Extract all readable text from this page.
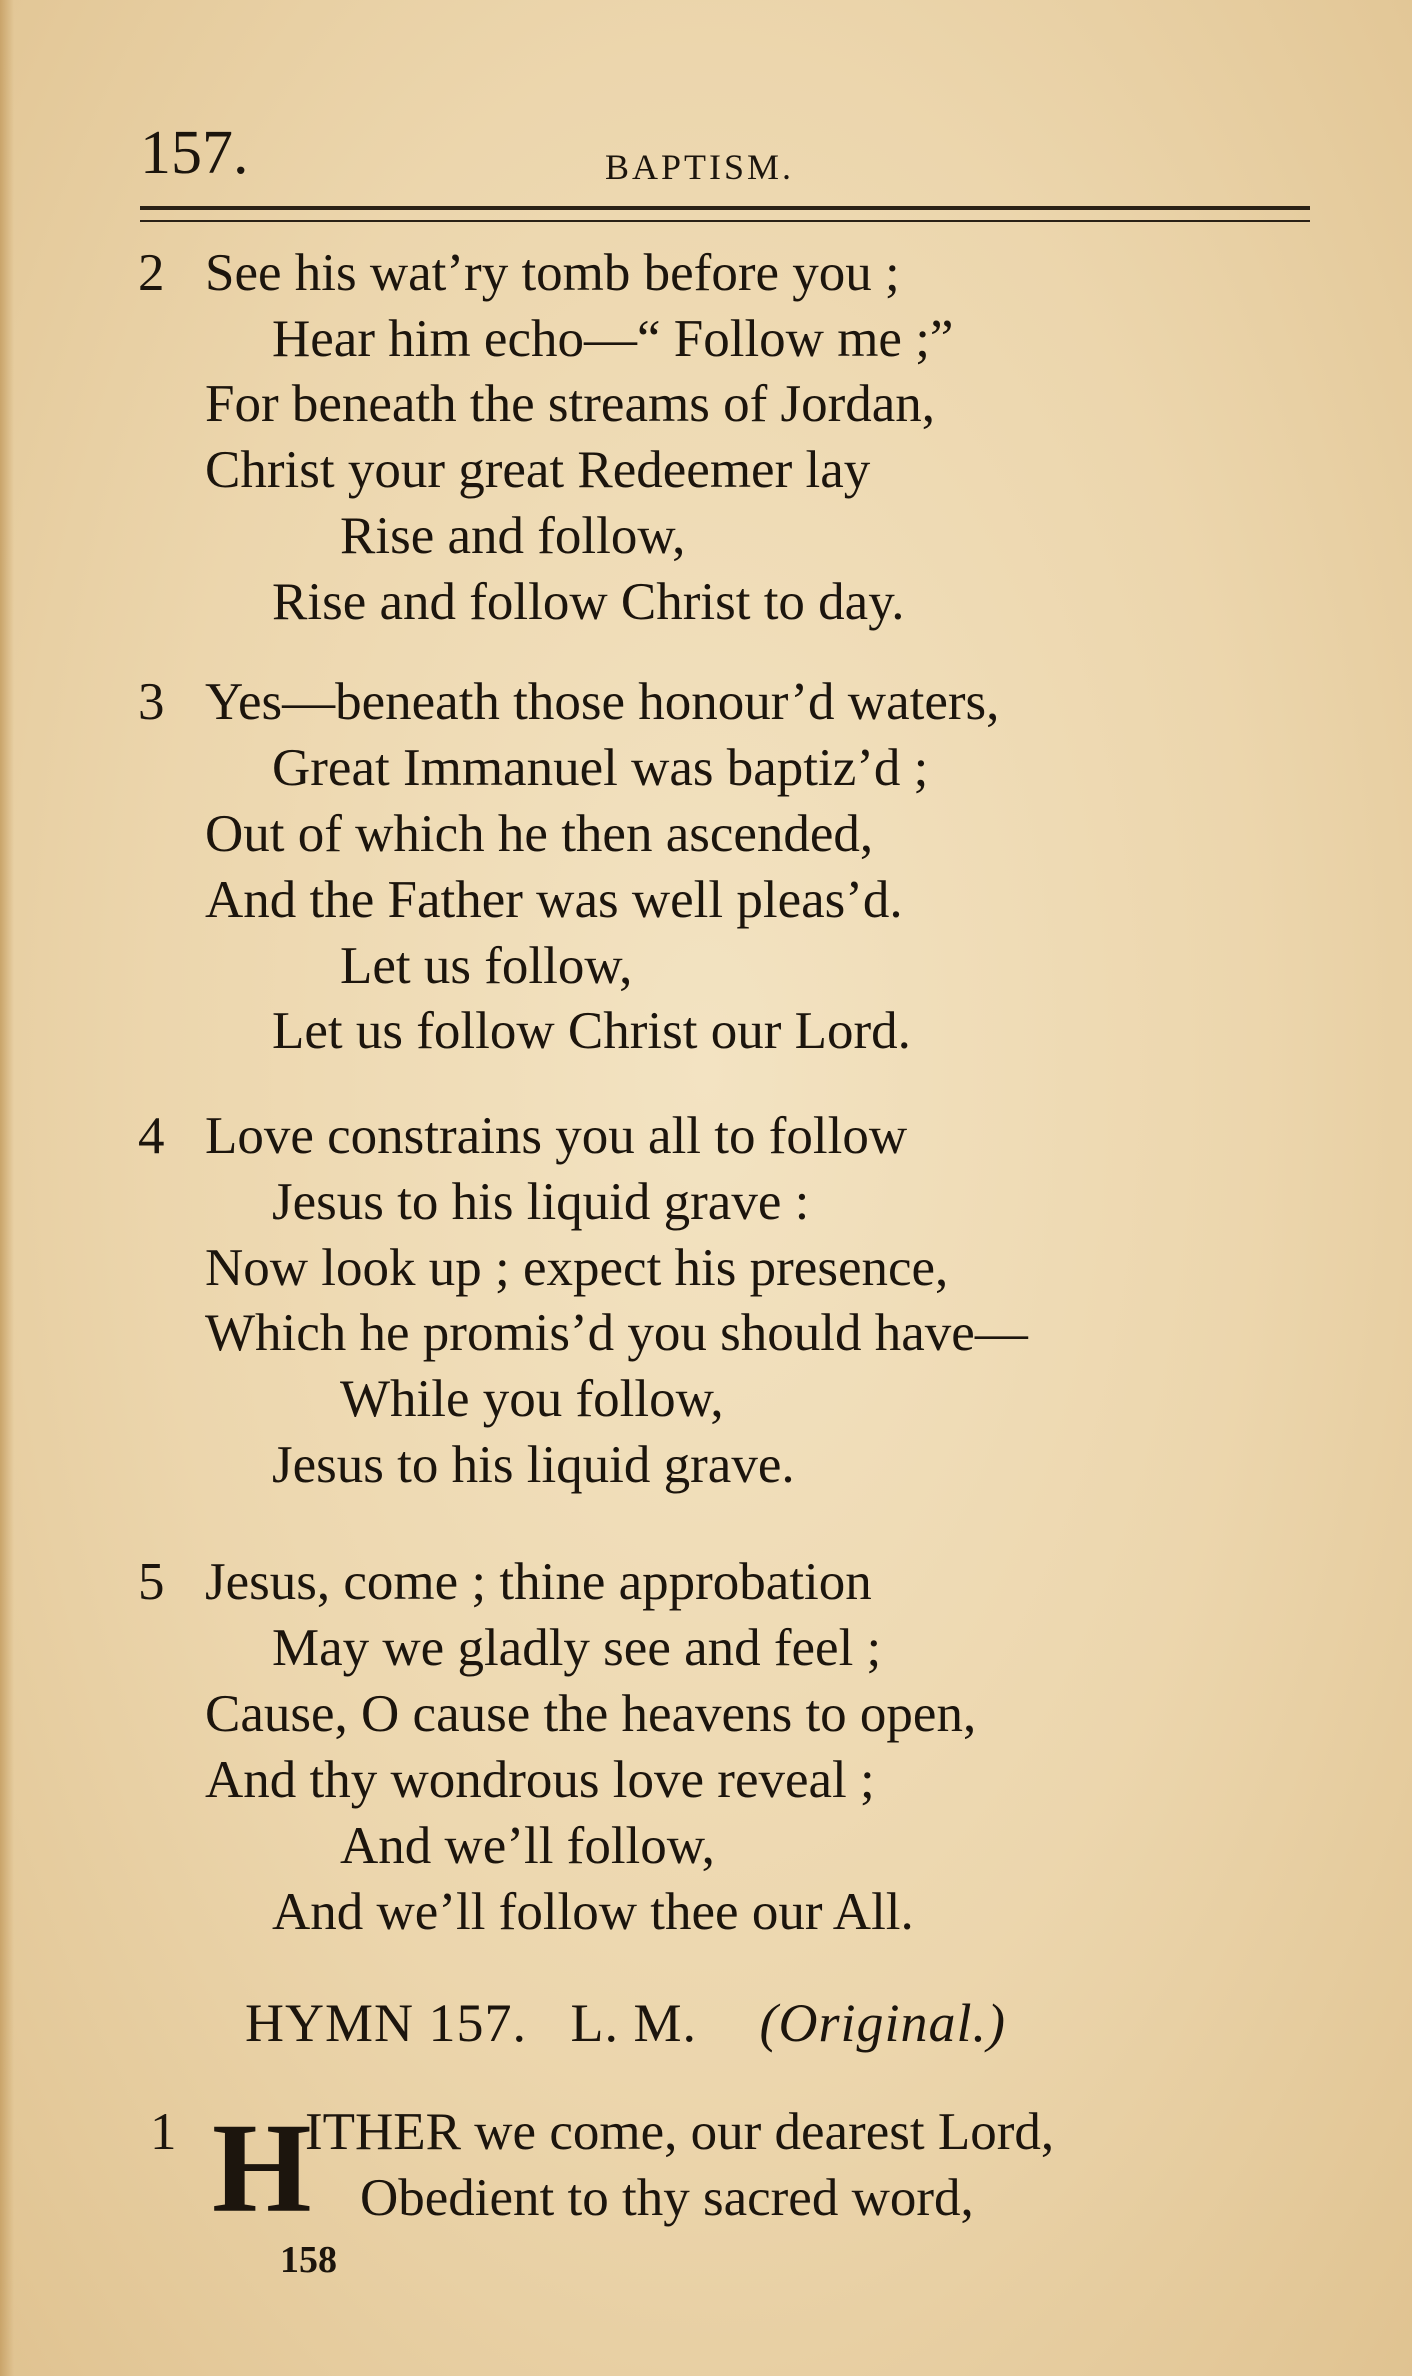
157.	BAPTISM.
2 See his wat’ry tomb before you ;
Hear him echo—“ Follow me ;”
For beneath the streams of Jordan,
Christ your great Redeemer lay
Rise and follow,
Rise and follow Christ to day.
3 Yes—beneath those honour’d waters,
Great Immanuel was baptiz’d ;
Out of which he then ascended,
And the Father was well pleas’d.
Let us follow,
Let us follow Christ our Lord.
4 Love constrains you all to follow
Jesus to his liquid grave :
Now look up ; expect his presence,
Which he promis’d you should have—
While you follow,
Jesus to his liquid grave.
5 Jesus, come ; thine approbation
May we gladly see and feel ;
Cause, O cause the heavens to open,
And thy wondrous love reveal ;
And we’ll follow,
And we’ll follow thee our All.
HYMN 157.   L. M. (Original.)
1 H
ITHER we come, our dearest Lord,
Obedient to thy sacred word,
158
